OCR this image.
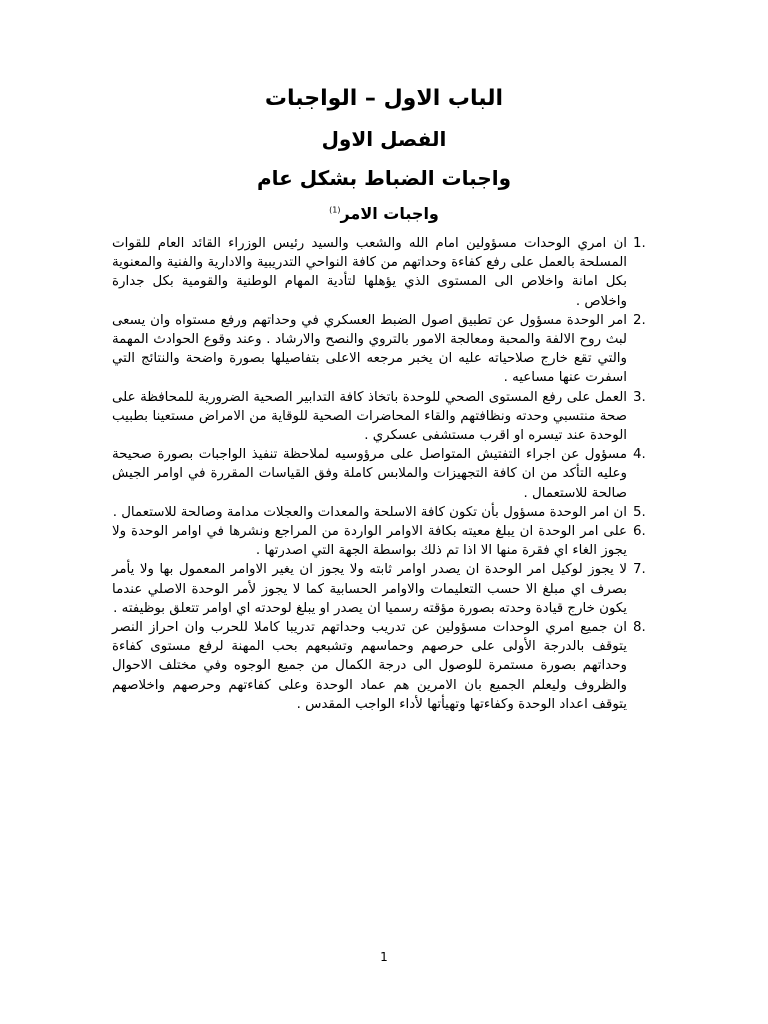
الباب الاول – الواجبات
الفصل الاول
واجبات الضباط بشكل عام
واجبات الامر$^{(1)}$
1.
ان امري الوحدات مسؤولين امام الله والشعب والسيد رئيس الوزراء القائد العام للقوات المسلحة بالعمل على رفع كفاءة وحداتهم من كافة النواحي التدريبية والادارية والفنية والمعنوية بكل امانة واخلاص الى المستوى الذي يؤهلها لتأدية المهام الوطنية والقومية بكل جدارة واخلاص .
2.
امر الوحدة مسؤول عن تطبيق اصول الضبط العسكري في وحداتهم ورفع مستواه وان يسعى لبث روح الالفة والمحبة ومعالجة الامور بالتروي والنصح والارشاد . وعند وقوع الحوادث المهمة والتي تقع خارج صلاحياته عليه ان يخبر مرجعه الاعلى بتفاصيلها بصورة واضحة والنتائج التي اسفرت عنها مساعيه .
3.
العمل على رفع المستوى الصحي للوحدة باتخاذ كافة التدابير الصحية الضرورية للمحافظة على صحة منتسبي وحدته ونظافتهم والقاء المحاضرات الصحية للوقاية من الامراض مستعينا بطبيب الوحدة عند تيسره او اقرب مستشفى عسكري .
4.
مسؤول عن اجراء التفتيش المتواصل على مرؤوسيه لملاحظة تنفيذ الواجبات بصورة صحيحة وعليه التأكد من ان كافة التجهيزات والملابس كاملة وفق القياسات المقررة في اوامر الجيش صالحة للاستعمال .
5.
ان امر الوحدة مسؤول بأن تكون كافة الاسلحة والمعدات والعجلات مدامة وصالحة للاستعمال .
6.
على امر الوحدة ان يبلغ معيته بكافة الاوامر الواردة من المراجع ونشرها في اوامر الوحدة ولا يجوز الغاء اي فقرة منها الا اذا تم ذلك بواسطة الجهة التي اصدرتها .
7.
لا يجوز لوكيل امر الوحدة ان يصدر اوامر ثابته ولا يجوز ان يغير الاوامر المعمول بها ولا يأمر بصرف اي مبلغ الا حسب التعليمات والاوامر الحسابية كما لا يجوز لأمر الوحدة الاصلي عندما يكون خارج قيادة وحدته بصورة مؤقته رسميا ان يصدر او يبلغ لوحدته اي اوامر تتعلق بوظيفته .
8.
ان جميع امري الوحدات مسؤولين عن تدريب وحداتهم تدريبا كاملا للحرب وان احراز النصر يتوقف بالدرجة الأولى على حرصهم وحماسهم وتشبعهم بحب المهنة لرفع مستوى كفاءة وحداتهم بصورة مستمرة للوصول الى درجة الكمال من جميع الوجوه وفي مختلف الاحوال والظروف وليعلم الجميع بان الامرين هم عماد الوحدة وعلى كفاءتهم وحرصهم واخلاصهم يتوقف اعداد الوحدة وكفاءتها وتهيأتها لأداء الواجب المقدس .
1
